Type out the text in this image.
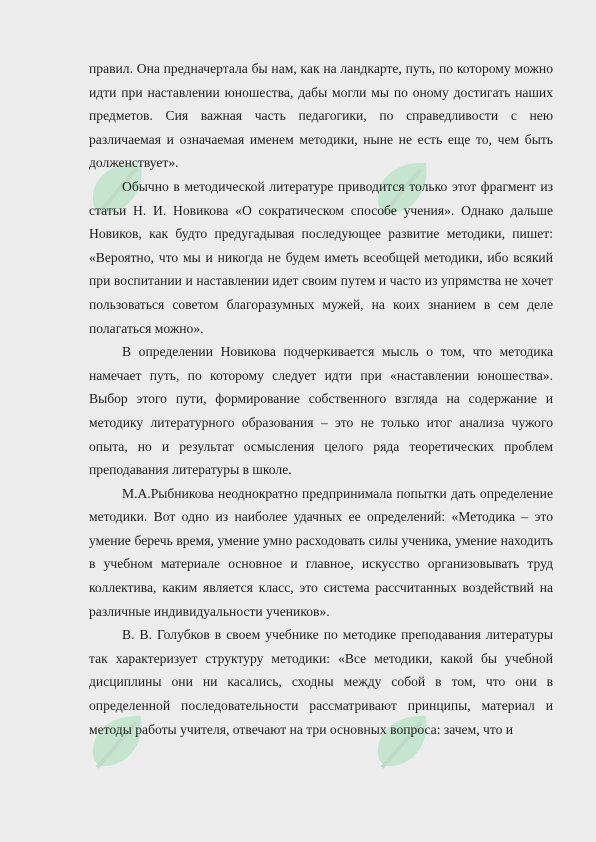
правил. Она предначертала бы нам, как на ландкарте, путь, по которому можно идти при наставлении юношества, дабы могли мы по оному достигать наших предметов. Сия важная часть педагогики, по справедливости с нею различаемая и означаемая именем методики, ныне не есть еще то, чем быть долженствует».

Обычно в методической литературе приводится только этот фрагмент из статьи Н. И. Новикова «О сократическом способе учения». Однако дальше Новиков, как будто предугадывая последующее развитие методики, пишет: «Вероятно, что мы и никогда не будем иметь всеобщей методики, ибо всякий при воспитании и наставлении идет своим путем и часто из упрямства не хочет пользоваться советом благоразумных мужей, на коих знанием в сем деле полагаться можно».

В определении Новикова подчеркивается мысль о том, что методика намечает путь, по которому следует идти при «наставлении юношества». Выбор этого пути, формирование собственного взгляда на содержание и методику литературного образования – это не только итог анализа чужого опыта, но и результат осмысления целого ряда теоретических проблем преподавания литературы в школе.

М.А.Рыбникова неоднократно предпринимала попытки дать определение методики. Вот одно из наиболее удачных ее определений: «Методика – это умение беречь время, умение умно расходовать силы ученика, умение находить в учебном материале основное и главное, искусство организовывать труд коллектива, каким является класс, это система рассчитанных воздействий на различные индивидуальности учеников».

В. В. Голубков в своем учебнике по методике преподавания литературы так характеризует структуру методики: «Все методики, какой бы учебной дисциплины они ни касались, сходны между собой в том, что они в определенной последовательности рассматривают принципы, материал и методы работы учителя, отвечают на три основных вопроса: зачем, что и
